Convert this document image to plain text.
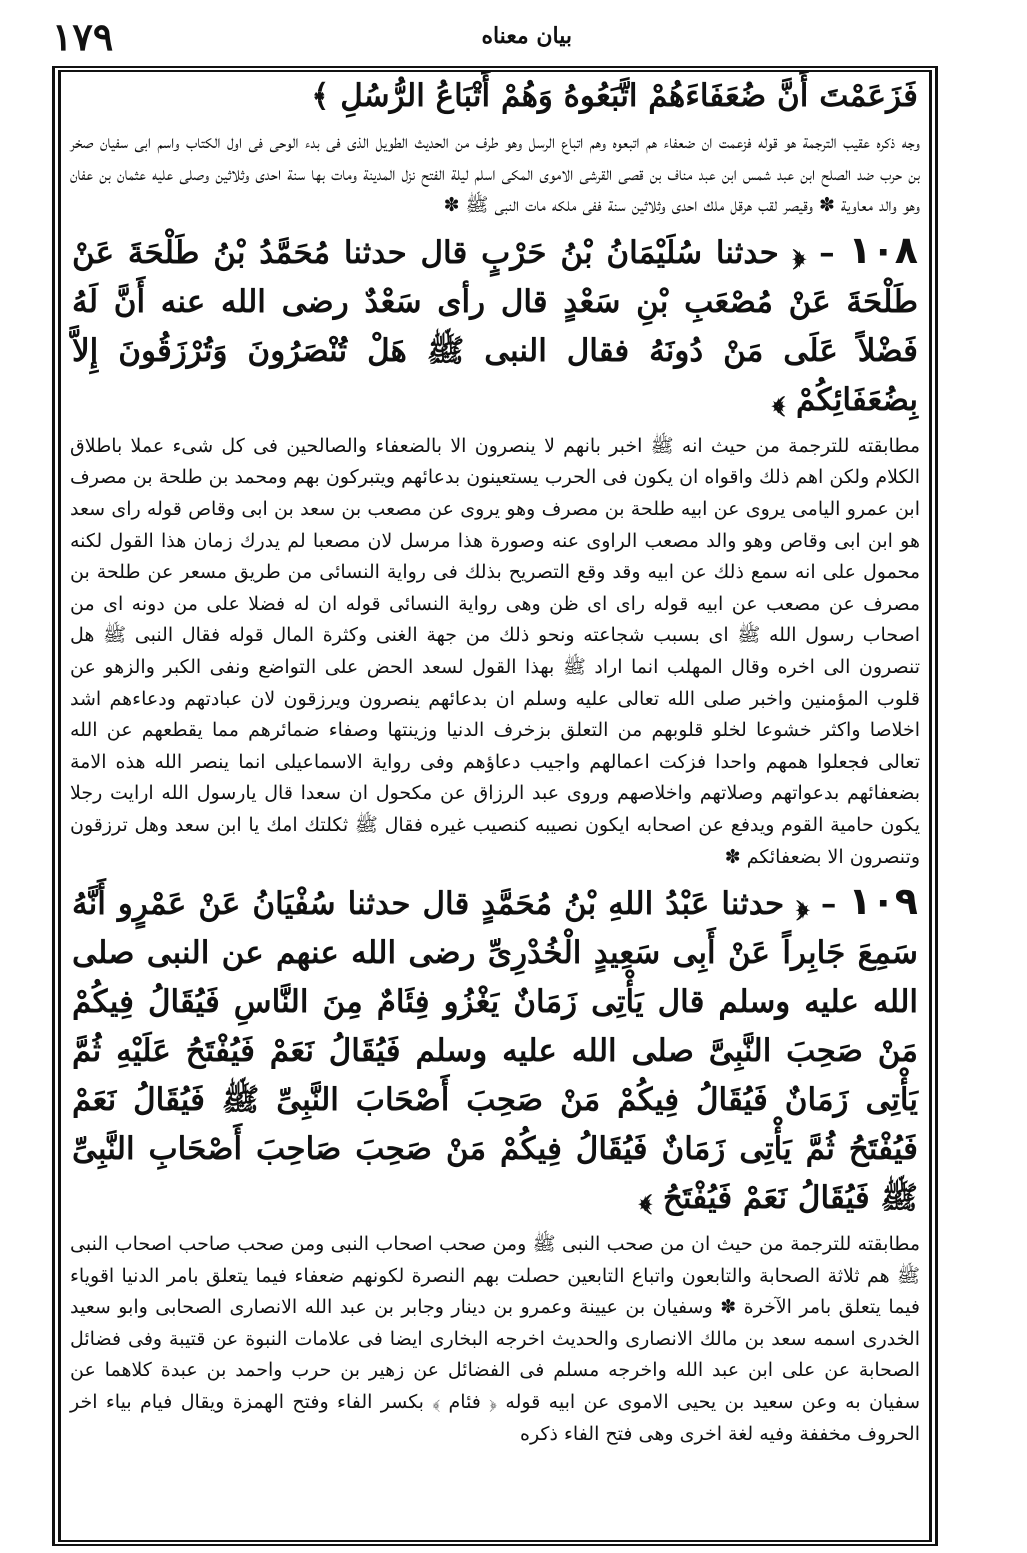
١٧٩	بيان معناه

فَزَعَمْتَ أَنَّ ضُعَفَاءَهُمْ اتَّبَعُوهُ وَهُمْ أَتْبَاعُ الرُّسُلِ ﴾

وجه ذكره عقيب الترجمة هو قوله فزعمت ان ضعفاء هم اتبعوه وهم اتباع الرسل وهو طرف من الحديث الطويل الذى فى بدء الوحى فى اول الكتاب واسم ابى سفيان صخر بن حرب ضد الصلح ابن عبد شمس ابن عبد مناف بن قصى القرشى الاموى المكى اسلم ليلة الفتح نزل المدينة ومات بها سنة احدى وثلاثين وصلى عليه عثمان بن عفان وهو والد معاوية ✽ وقيصر لقب هرقل ملك احدى وثلاثين سنة ففى ملكه مات النبى ﷺ ✽

١٠٨ – ﴿ حدثنا سُلَيْمَانُ بْنُ حَرْبٍ قال حدثنا مُحَمَّدُ بْنُ طَلْحَةَ عَنْ طَلْحَةَ عَنْ مُصْعَبِ بْنِ سَعْدٍ قال رأى سَعْدٌ رضى الله عنه أَنَّ لَهُ فَضْلاً عَلَى مَنْ دُونَهُ فقال النبى ﷺ هَلْ تُنْصَرُونَ وَتُرْزَقُونَ إِلاَّ بِضُعَفَائِكُمْ ﴾

مطابقته للترجمة من حيث انه ﷺ اخبر بانهم لا ينصرون الا بالضعفاء والصالحين فى كل شىء عملا باطلاق الكلام ولكن اهم ذلك واقواه ان يكون فى الحرب يستعينون بدعائهم ويتبركون بهم ومحمد بن طلحة بن مصرف ابن عمرو اليامى يروى عن ابيه طلحة بن مصرف وهو يروى عن مصعب بن سعد بن ابى وقاص قوله راى سعد هو ابن ابى وقاص وهو والد مصعب الراوى عنه وصورة هذا مرسل لان مصعبا لم يدرك زمان هذا القول لكنه محمول على انه سمع ذلك عن ابيه وقد وقع التصريح بذلك فى رواية النسائى من طريق مسعر عن طلحة بن مصرف عن مصعب عن ابيه قوله راى اى ظن وهى رواية النسائى قوله ان له فضلا على من دونه اى من اصحاب رسول الله ﷺ اى بسبب شجاعته ونحو ذلك من جهة الغنى وكثرة المال قوله فقال النبى ﷺ هل تنصرون الى اخره وقال المهلب انما اراد ﷺ بهذا القول لسعد الحض على التواضع ونفى الكبر والزهو عن قلوب المؤمنين واخبر صلى الله تعالى عليه وسلم ان بدعائهم ينصرون ويرزقون لان عبادتهم ودعاءهم اشد اخلاصا واكثر خشوعا لخلو قلوبهم من التعلق بزخرف الدنيا وزينتها وصفاء ضمائرهم مما يقطعهم عن الله تعالى فجعلوا همهم واحدا فزكت اعمالهم واجيب دعاؤهم وفى رواية الاسماعيلى انما ينصر الله هذه الامة بضعفائهم بدعواتهم وصلاتهم واخلاصهم وروى عبد الرزاق عن مكحول ان سعدا قال يارسول الله ارايت رجلا يكون حامية القوم ويدفع عن اصحابه ايكون نصيبه كنصيب غيره فقال ﷺ ثكلتك امك يا ابن سعد وهل ترزقون وتنصرون الا بضعفائكم ✽

١٠٩ – ﴿ حدثنا عَبْدُ اللهِ بْنُ مُحَمَّدٍ قال حدثنا سُفْيَانُ عَنْ عَمْرٍو أَنَّهُ سَمِعَ جَابِراً عَنْ أَبِى سَعِيدٍ الْخُدْرِىِّ رضى الله عنهم عن النبى صلى الله عليه وسلم قال يَأْتِى زَمَانٌ يَغْزُو فِئَامٌ مِنَ النَّاسِ فَيُقَالُ فِيكُمْ مَنْ صَحِبَ النَّبِىَّ صلى الله عليه وسلم فَيُقَالُ نَعَمْ فَيُفْتَحُ عَلَيْهِ ثُمَّ يَأْتِى زَمَانٌ فَيُقَالُ فِيكُمْ مَنْ صَحِبَ أَصْحَابَ النَّبِىِّ ﷺ فَيُقَالُ نَعَمْ فَيُفْتَحُ ثُمَّ يَأْتِى زَمَانٌ فَيُقَالُ فِيكُمْ مَنْ صَحِبَ صَاحِبَ أَصْحَابِ النَّبِىِّ ﷺ فَيُقَالُ نَعَمْ فَيُفْتَحُ ﴾

مطابقته للترجمة من حيث ان من صحب النبى ﷺ ومن صحب اصحاب النبى ومن صحب صاحب اصحاب النبى ﷺ هم ثلاثة الصحابة والتابعون واتباع التابعين حصلت بهم النصرة لكونهم ضعفاء فيما يتعلق بامر الدنيا اقوياء فيما يتعلق بامر الآخرة ✽ وسفيان بن عيينة وعمرو بن دينار وجابر بن عبد الله الانصارى الصحابى وابو سعيد الخدرى اسمه سعد بن مالك الانصارى والحديث اخرجه البخارى ايضا فى علامات النبوة عن قتيبة وفى فضائل الصحابة عن على ابن عبد الله واخرجه مسلم فى الفضائل عن زهير بن حرب واحمد بن عبدة كلاهما عن سفيان به وعن سعيد بن يحيى الاموى عن ابيه قوله ﴿ فئام ﴾ بكسر الفاء وفتح الهمزة ويقال فيام بياء اخر الحروف مخففة وفيه لغة اخرى وهى فتح الفاء ذكره
